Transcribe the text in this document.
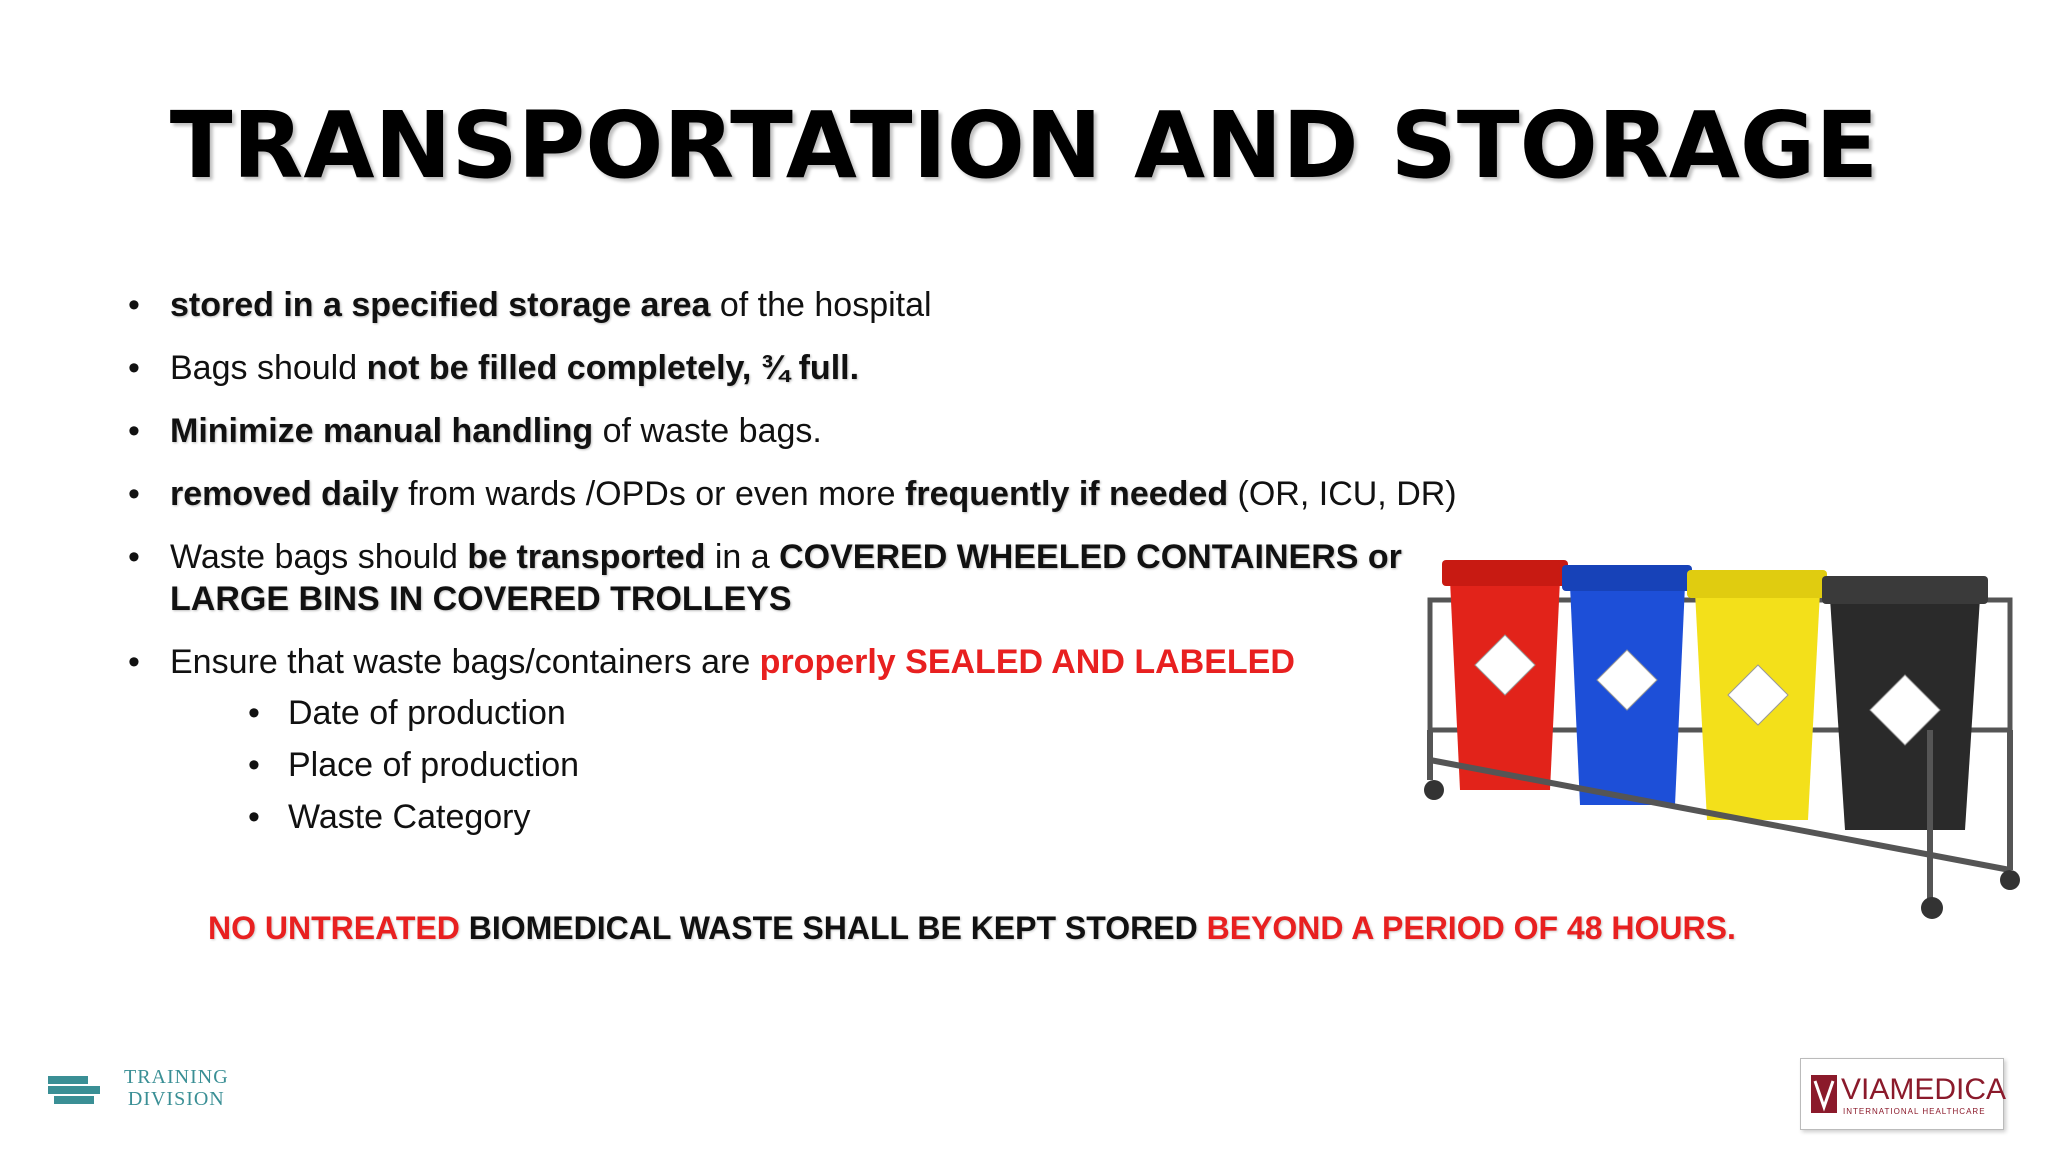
TRANSPORTATION AND STORAGE
• stored in a specified storage area of the hospital
• Bags should not be filled completely, ¾ full.
• Minimize manual handling of waste bags.
• removed daily from wards /OPDs or even more frequently if needed (OR, ICU, DR)
• Waste bags should be transported in a COVERED WHEELED CONTAINERS or
LARGE BINS IN COVERED TROLLEYS
• Ensure that waste bags/containers are properly SEALED AND LABELED
• Date of production
• Place of production
• Waste Category
NO UNTREATED BIOMEDICAL WASTE SHALL BE KEPT STORED BEYOND A PERIOD OF 48 HOURS.
TRAINING
DIVISION	VIAMEDICA
INTERNATIONAL HEALTHCARE
